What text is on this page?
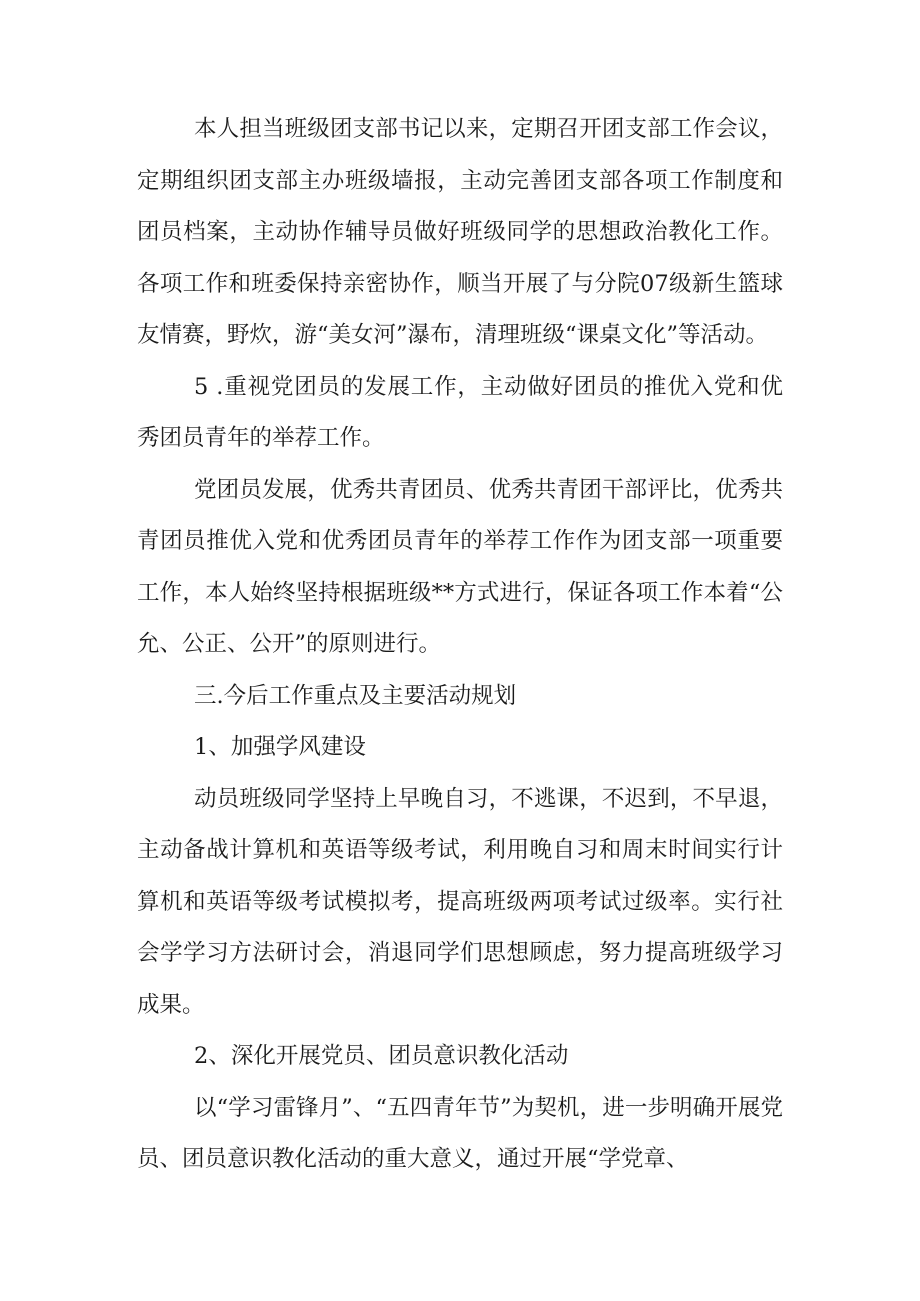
本人担当班级团支部书记以来，定期召开团支部工作会议，定期组织团支部主办班级墙报，主动完善团支部各项工作制度和团员档案，主动协作辅导员做好班级同学的思想政治教化工作。各项工作和班委保持亲密协作，顺当开展了与分院07级新生篮球友情赛，野炊，游“美女河”瀑布，清理班级“课桌文化”等活动。

5 .重视党团员的发展工作，主动做好团员的推优入党和优秀团员青年的举荐工作。

党团员发展，优秀共青团员、优秀共青团干部评比，优秀共青团员推优入党和优秀团员青年的举荐工作作为团支部一项重要工作，本人始终坚持根据班级**方式进行，保证各项工作本着“公允、公正、公开”的原则进行。

三.今后工作重点及主要活动规划

1、加强学风建设

动员班级同学坚持上早晚自习，不逃课，不迟到，不早退，主动备战计算机和英语等级考试，利用晚自习和周末时间实行计算机和英语等级考试模拟考，提高班级两项考试过级率。实行社会学学习方法研讨会，消退同学们思想顾虑，努力提高班级学习成果。

2、深化开展党员、团员意识教化活动

以“学习雷锋月”、“五四青年节”为契机，进一步明确开展党员、团员意识教化活动的重大意义，通过开展“学党章、
